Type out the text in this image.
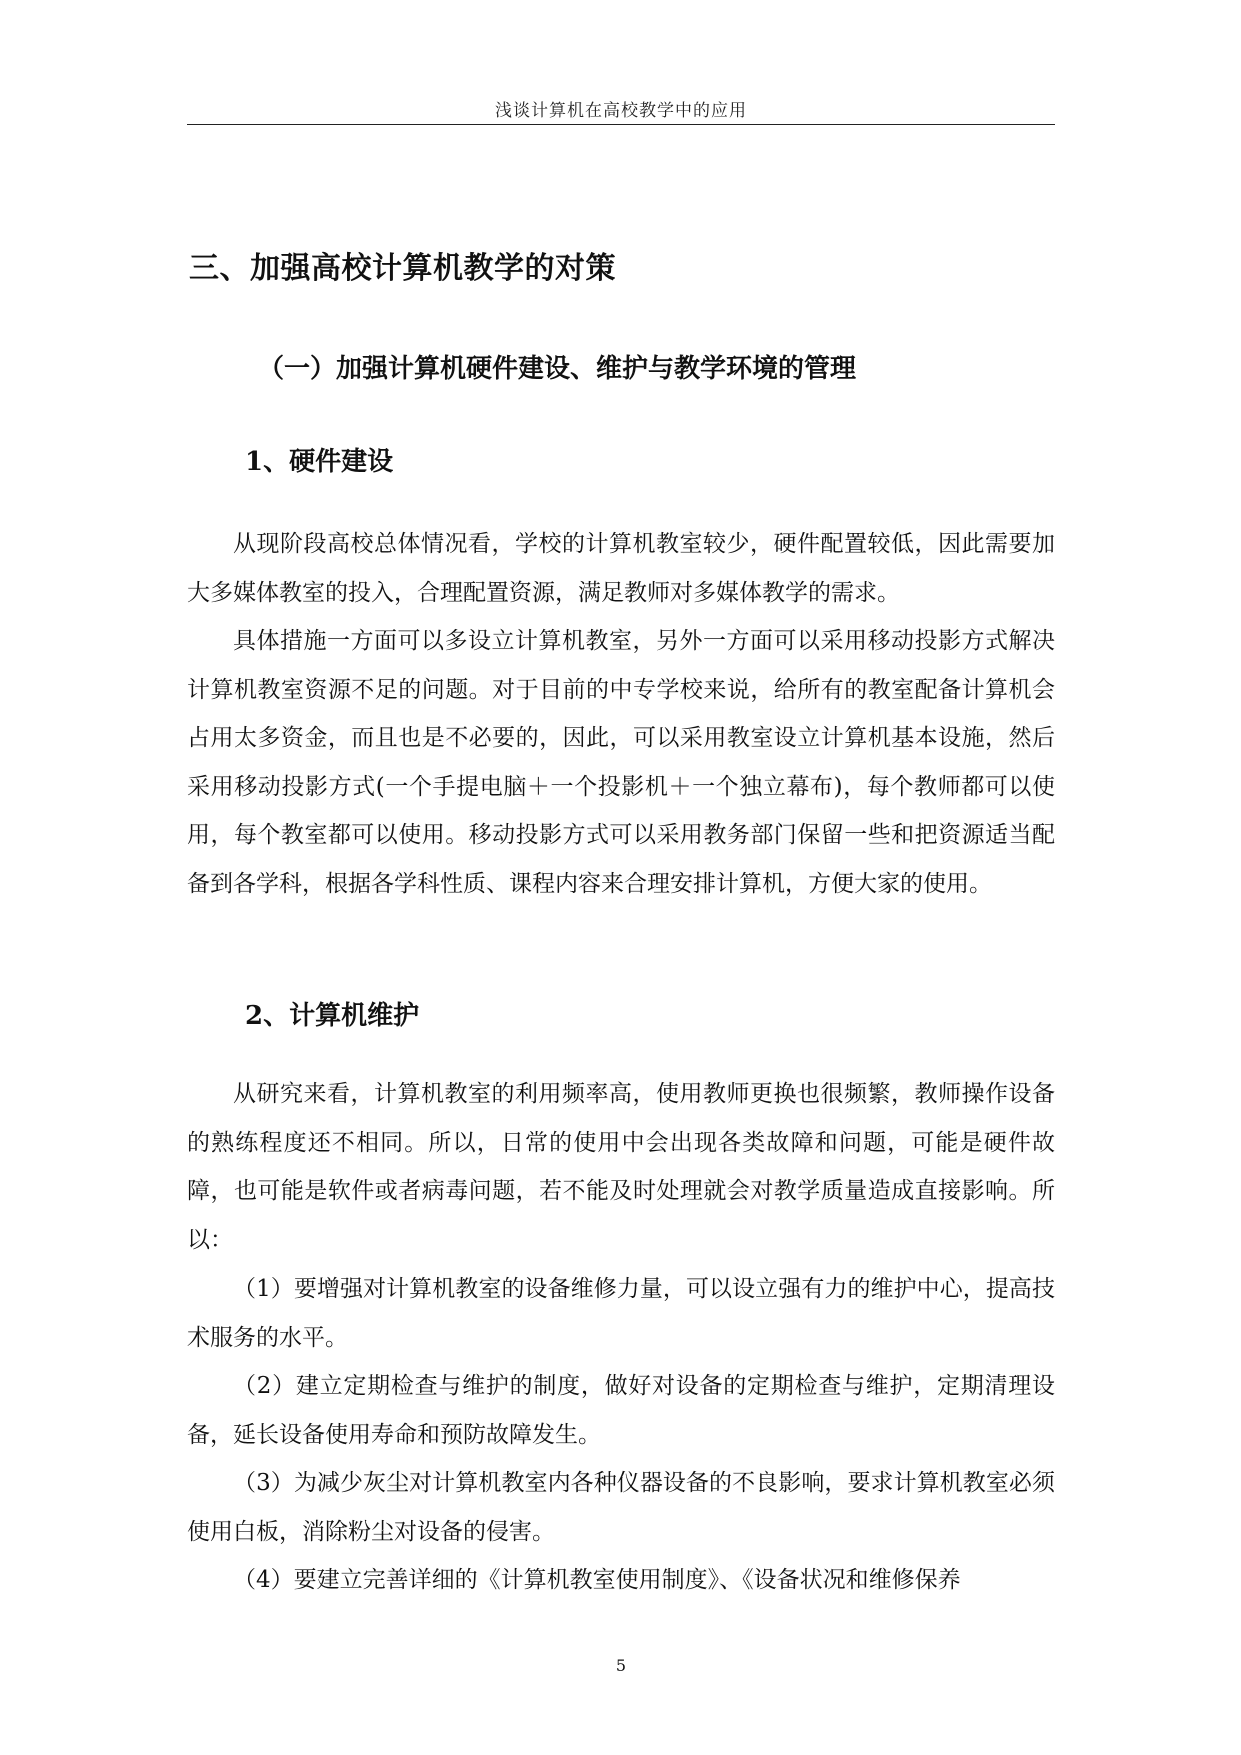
浅谈计算机在高校教学中的应用
三、加强高校计算机教学的对策
（一）加强计算机硬件建设、维护与教学环境的管理
1、硬件建设

从现阶段高校总体情况看，学校的计算机教室较少，硬件配置较低，因此需要加大多媒体教室的投入，合理配置资源，满足教师对多媒体教学的需求。

具体措施一方面可以多设立计算机教室，另外一方面可以采用移动投影方式解决计算机教室资源不足的问题。对于目前的中专学校来说，给所有的教室配备计算机会占用太多资金，而且也是不必要的，因此，可以采用教室设立计算机基本设施，然后采用移动投影方式(一个手提电脑＋一个投影机＋一个独立幕布)，每个教师都可以使用，每个教室都可以使用。移动投影方式可以采用教务部门保留一些和把资源适当配备到各学科，根据各学科性质、课程内容来合理安排计算机，方便大家的使用。

2、计算机维护

从研究来看，计算机教室的利用频率高，使用教师更换也很频繁，教师操作设备的熟练程度还不相同。所以，日常的使用中会出现各类故障和问题，可能是硬件故障，也可能是软件或者病毒问题，若不能及时处理就会对教学质量造成直接影响。所以：

（1）要增强对计算机教室的设备维修力量，可以设立强有力的维护中心，提高技术服务的水平。

（2）建立定期检查与维护的制度，做好对设备的定期检查与维护，定期清理设备，延长设备使用寿命和预防故障发生。

（3）为减少灰尘对计算机教室内各种仪器设备的不良影响，要求计算机教室必须使用白板，消除粉尘对设备的侵害。

（4）要建立完善详细的《计算机教室使用制度》、《设备状况和维修保养

5
